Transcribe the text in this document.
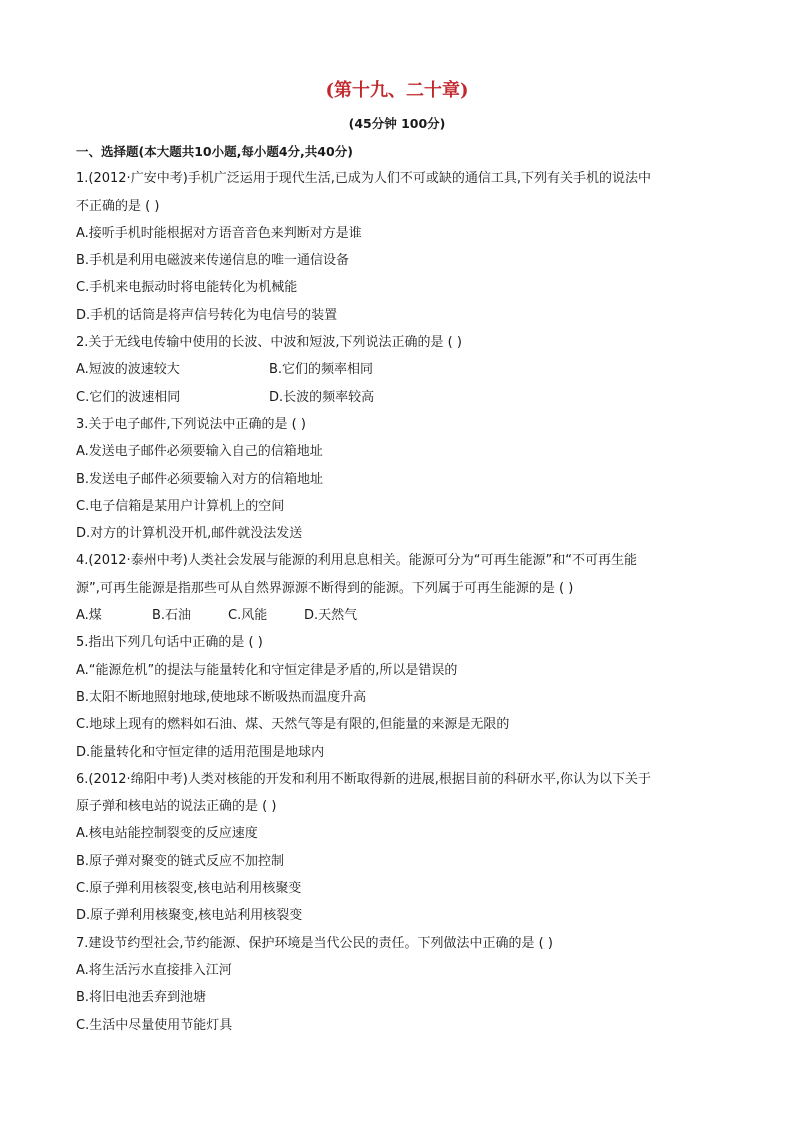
(第十九、二十章)
(45分钟 100分)
一、选择题(本大题共10小题,每小题4分,共40分)
1.(2012·广安中考)手机广泛运用于现代生活,已成为人们不可或缺的通信工具,下列有关手机的说法中
不正确的是 ( )
A.接听手机时能根据对方语音音色来判断对方是谁
B.手机是利用电磁波来传递信息的唯一通信设备
C.手机来电振动时将电能转化为机械能
D.手机的话筒是将声信号转化为电信号的装置
2.关于无线电传输中使用的长波、中波和短波,下列说法正确的是 ( )
A.短波的波速较大	B.它们的频率相同
C.它们的波速相同	D.长波的频率较高
3.关于电子邮件,下列说法中正确的是 ( )
A.发送电子邮件必须要输入自己的信箱地址
B.发送电子邮件必须要输入对方的信箱地址
C.电子信箱是某用户计算机上的空间
D.对方的计算机没开机,邮件就没法发送
4.(2012·泰州中考)人类社会发展与能源的利用息息相关。能源可分为“可再生能源”和“不可再生能
源”,可再生能源是指那些可从自然界源源不断得到的能源。下列属于可再生能源的是 ( )
A.煤	B.石油	C.风能	D.天然气
5.指出下列几句话中正确的是 ( )
A.“能源危机”的提法与能量转化和守恒定律是矛盾的,所以是错误的
B.太阳不断地照射地球,使地球不断吸热而温度升高
C.地球上现有的燃料如石油、煤、天然气等是有限的,但能量的来源是无限的
D.能量转化和守恒定律的适用范围是地球内
6.(2012·绵阳中考)人类对核能的开发和利用不断取得新的进展,根据目前的科研水平,你认为以下关于
原子弹和核电站的说法正确的是 ( )
A.核电站能控制裂变的反应速度
B.原子弹对聚变的链式反应不加控制
C.原子弹利用核裂变,核电站利用核聚变
D.原子弹利用核聚变,核电站利用核裂变
7.建设节约型社会,节约能源、保护环境是当代公民的责任。下列做法中正确的是 ( )
A.将生活污水直接排入江河
B.将旧电池丢弃到池塘
C.生活中尽量使用节能灯具
